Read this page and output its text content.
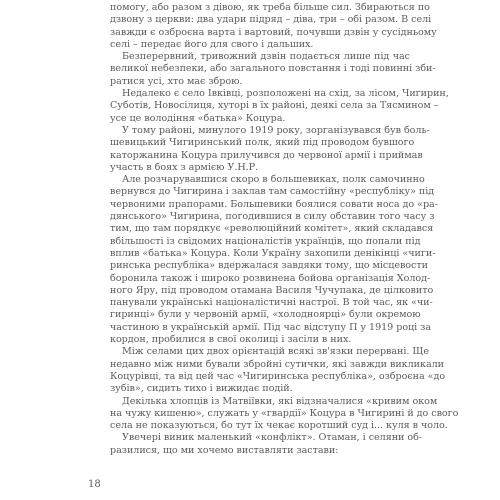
помогу, або разом з дівою, як треба більше сил. Збираються по
дзвону з церкви: два удари підряд – діва, три – обі разом. В селі
завжди є озброєна варта і вартовий, почувши дзвін у сусідньому
селі – передає його для свого і дальших.
Безперервний, тривожний дзвін подається лише під час
великої небезпеки, або загального повстання і тоді повинні зби-
ратися усі, хто має зброю.
Недалеко є село Івківці, розположені на схід, за лісом, Чигирин,
Суботів, Новосілиця, хуторі в їх районі, деякі села за Тясмином –
усе це володіння «батька» Коцура.
У тому районі, минулого 1919 року, зорганізувався був боль-
шевицький Чигиринський полк, який під проводом бувшого
каторжанина Коцура прилучився до червоної армії і приймав
участь в боях з армією У.Н.Р.
Але розчарувавшися скоро в большевиках, полк самочинно
вернувся до Чигирина і заклав там самостійну «республіку» під
червоними прапорами. Большевики боялися совати носа до «ра-
дянського» Чигирина, погодившися в силу обставин того часу з
тим, що там порядкує «революційний комітет», який складався
вбільшості із свідомих націоналістів українців, що попали під
вплив «батька» Коцура. Коли Україну захопили денікінці «чиги-
ринська республіка» вдержалася завдяки тому, що місцевости
боронила також і широко розвинена бойова організація Холод-
ного Яру, під проводом отамана Василя Чучупака, де цілковито
панували українські націоналістичні настрої. В той час, як «чи-
гиринці» були у червоній армії, «холодноярці» були окремою
частиною в українській армії. Під час відступу П у 1919 році за
кордон, пробилися в свої околиці і засіли в них.
Між селами цих двох орієнтацій всякі зв'язки перервані. Ще
недавно між ними бували збройні сутички, які завжди викликали
Коцурівці, та від цей час «Чигиринська республіка», озброєна «до
зубів», сидить тихо і вижидає подій.
Декілька хлопців із Матвіївки, які відзначалися «кривим оком
на чужу кишеню», служать у «гвардії» Коцура в Чигирині й до свого
села не показуються, бо тут їх чекає коротший суд і... куля в чоло.
Увечері виник маленький «конфлікт». Отаман, і селяни об-
разилися, що ми хочемо виставляти застави:
18
